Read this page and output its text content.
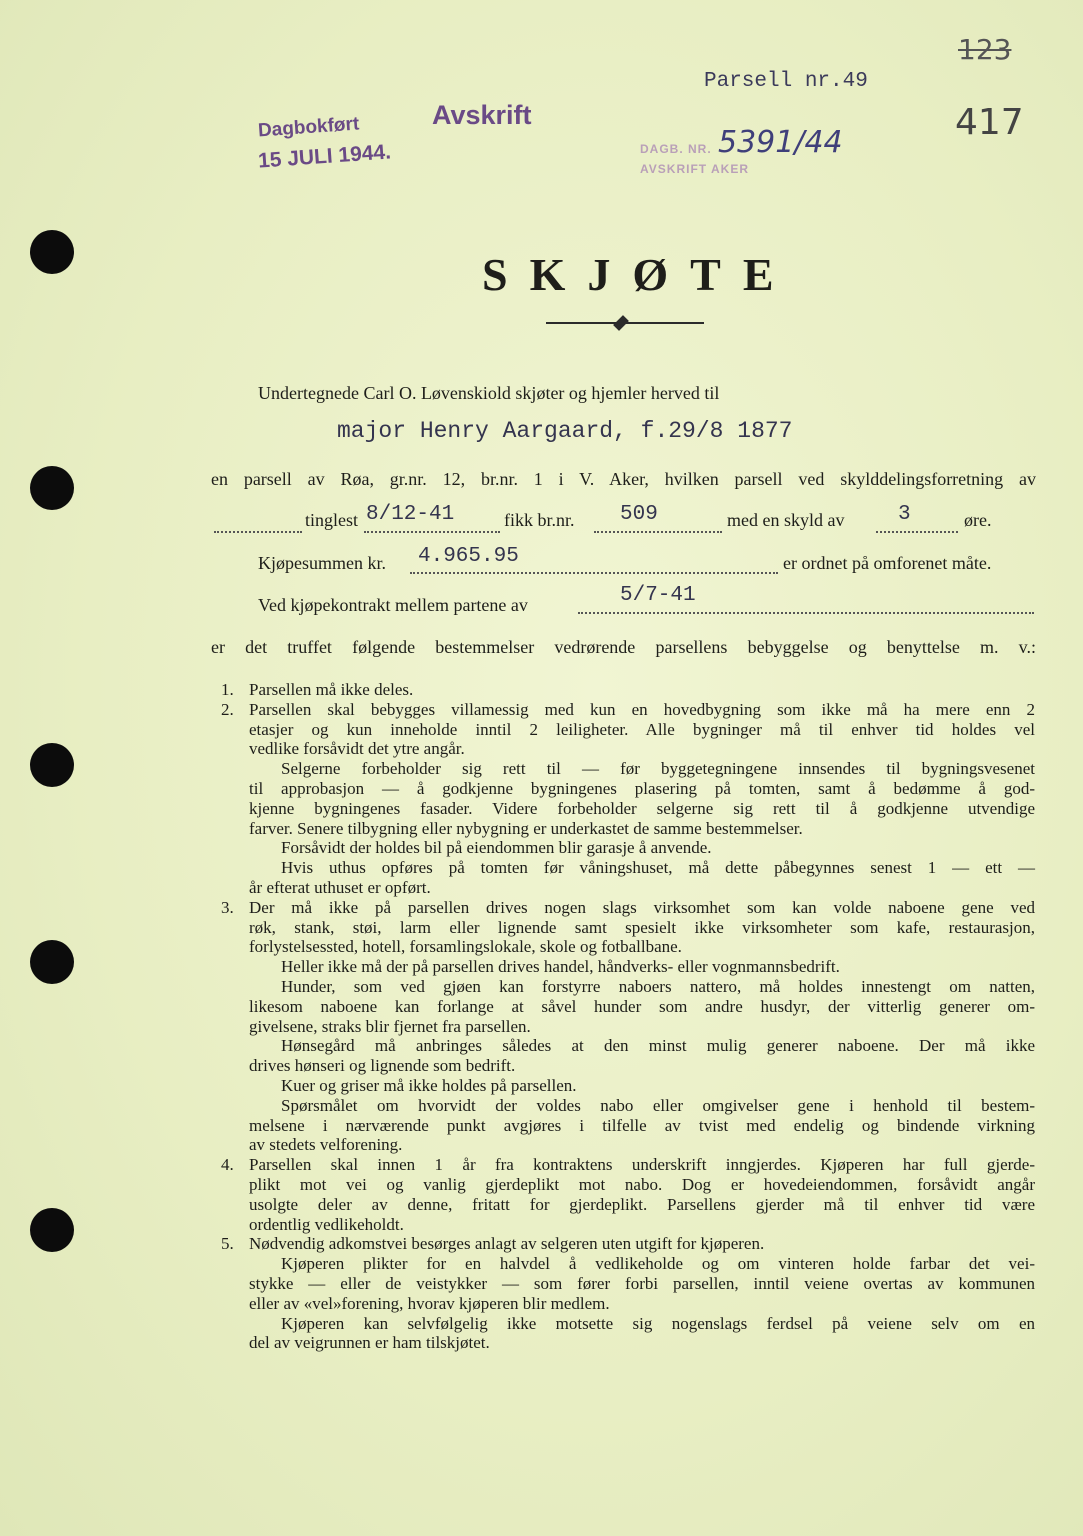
Dagbokført
15 JULI 1944.
Avskrift
DAGB. NR. 5391/44
AVSKRIFT AKER
Parsell nr.49
123
417
SKJØTE
Undertegnede Carl O. Løvenskiold skjøter og hjemler herved til
major Henry Aargaard, f.29/8 1877
en parsell av Røa, gr.nr. 12, br.nr. 1 i V. Aker, hvilken parsell ved skylddelingsforretning av
tinglest 8/12-41	fikk br.nr. 509	med en skyld av	3	øre.
Kjøpesummen kr. 4.965.95	er ordnet på omforenet måte.
Ved kjøpekontrakt mellem partene av	5/7-41
er det truffet følgende bestemmelser vedrørende parsellens bebyggelse og benyttelse m. v.:
1. Parsellen må ikke deles.
2. Parsellen skal bebygges villamessig med kun en hovedbygning som ikke må ha mere enn 2
etasjer og kun inneholde inntil 2 leiligheter. Alle bygninger må til enhver tid holdes vel
vedlike forsåvidt det ytre angår.
Selgerne forbeholder sig rett til — før byggetegningene innsendes til bygningsvesenet
til approbasjon — å godkjenne bygningenes plasering på tomten, samt å bedømme å god-
kjenne bygningenes fasader. Videre forbeholder selgerne sig rett til å godkjenne utvendige
farver. Senere tilbygning eller nybygning er underkastet de samme bestemmelser.
Forsåvidt der holdes bil på eiendommen blir garasje å anvende.
Hvis uthus opføres på tomten før våningshuset, må dette påbegynnes senest 1 — ett —
år efterat uthuset er opført.
3. Der må ikke på parsellen drives nogen slags virksomhet som kan volde naboene gene ved
røk, stank, støi, larm eller lignende samt spesielt ikke virksomheter som kafe, restaurasjon,
forlystelsessted, hotell, forsamlingslokale, skole og fotballbane.
Heller ikke må der på parsellen drives handel, håndverks- eller vognmannsbedrift.
Hunder, som ved gjøen kan forstyrre naboers nattero, må holdes innestengt om natten,
likesom naboene kan forlange at såvel hunder som andre husdyr, der vitterlig generer om-
givelsene, straks blir fjernet fra parsellen.
Hønsegård må anbringes således at den minst mulig generer naboene. Der må ikke
drives hønseri og lignende som bedrift.
Kuer og griser må ikke holdes på parsellen.
Spørsmålet om hvorvidt der voldes nabo eller omgivelser gene i henhold til bestem-
melsene i nærværende punkt avgjøres i tilfelle av tvist med endelig og bindende virkning
av stedets velforening.
4. Parsellen skal innen 1 år fra kontraktens underskrift inngjerdes. Kjøperen har full gjerde-
plikt mot vei og vanlig gjerdeplikt mot nabo. Dog er hovedeiendommen, forsåvidt angår
usolgte deler av denne, fritatt for gjerdeplikt. Parsellens gjerder må til enhver tid være
ordentlig vedlikeholdt.
5. Nødvendig adkomstvei besørges anlagt av selgeren uten utgift for kjøperen.
Kjøperen plikter for en halvdel å vedlikeholde og om vinteren holde farbar det vei-
stykke — eller de veistykker — som fører forbi parsellen, inntil veiene overtas av kommunen
eller av «vel»forening, hvorav kjøperen blir medlem.
Kjøperen kan selvfølgelig ikke motsette sig nogenslags ferdsel på veiene selv om en
del av veigrunnen er ham tilskjøtet.
